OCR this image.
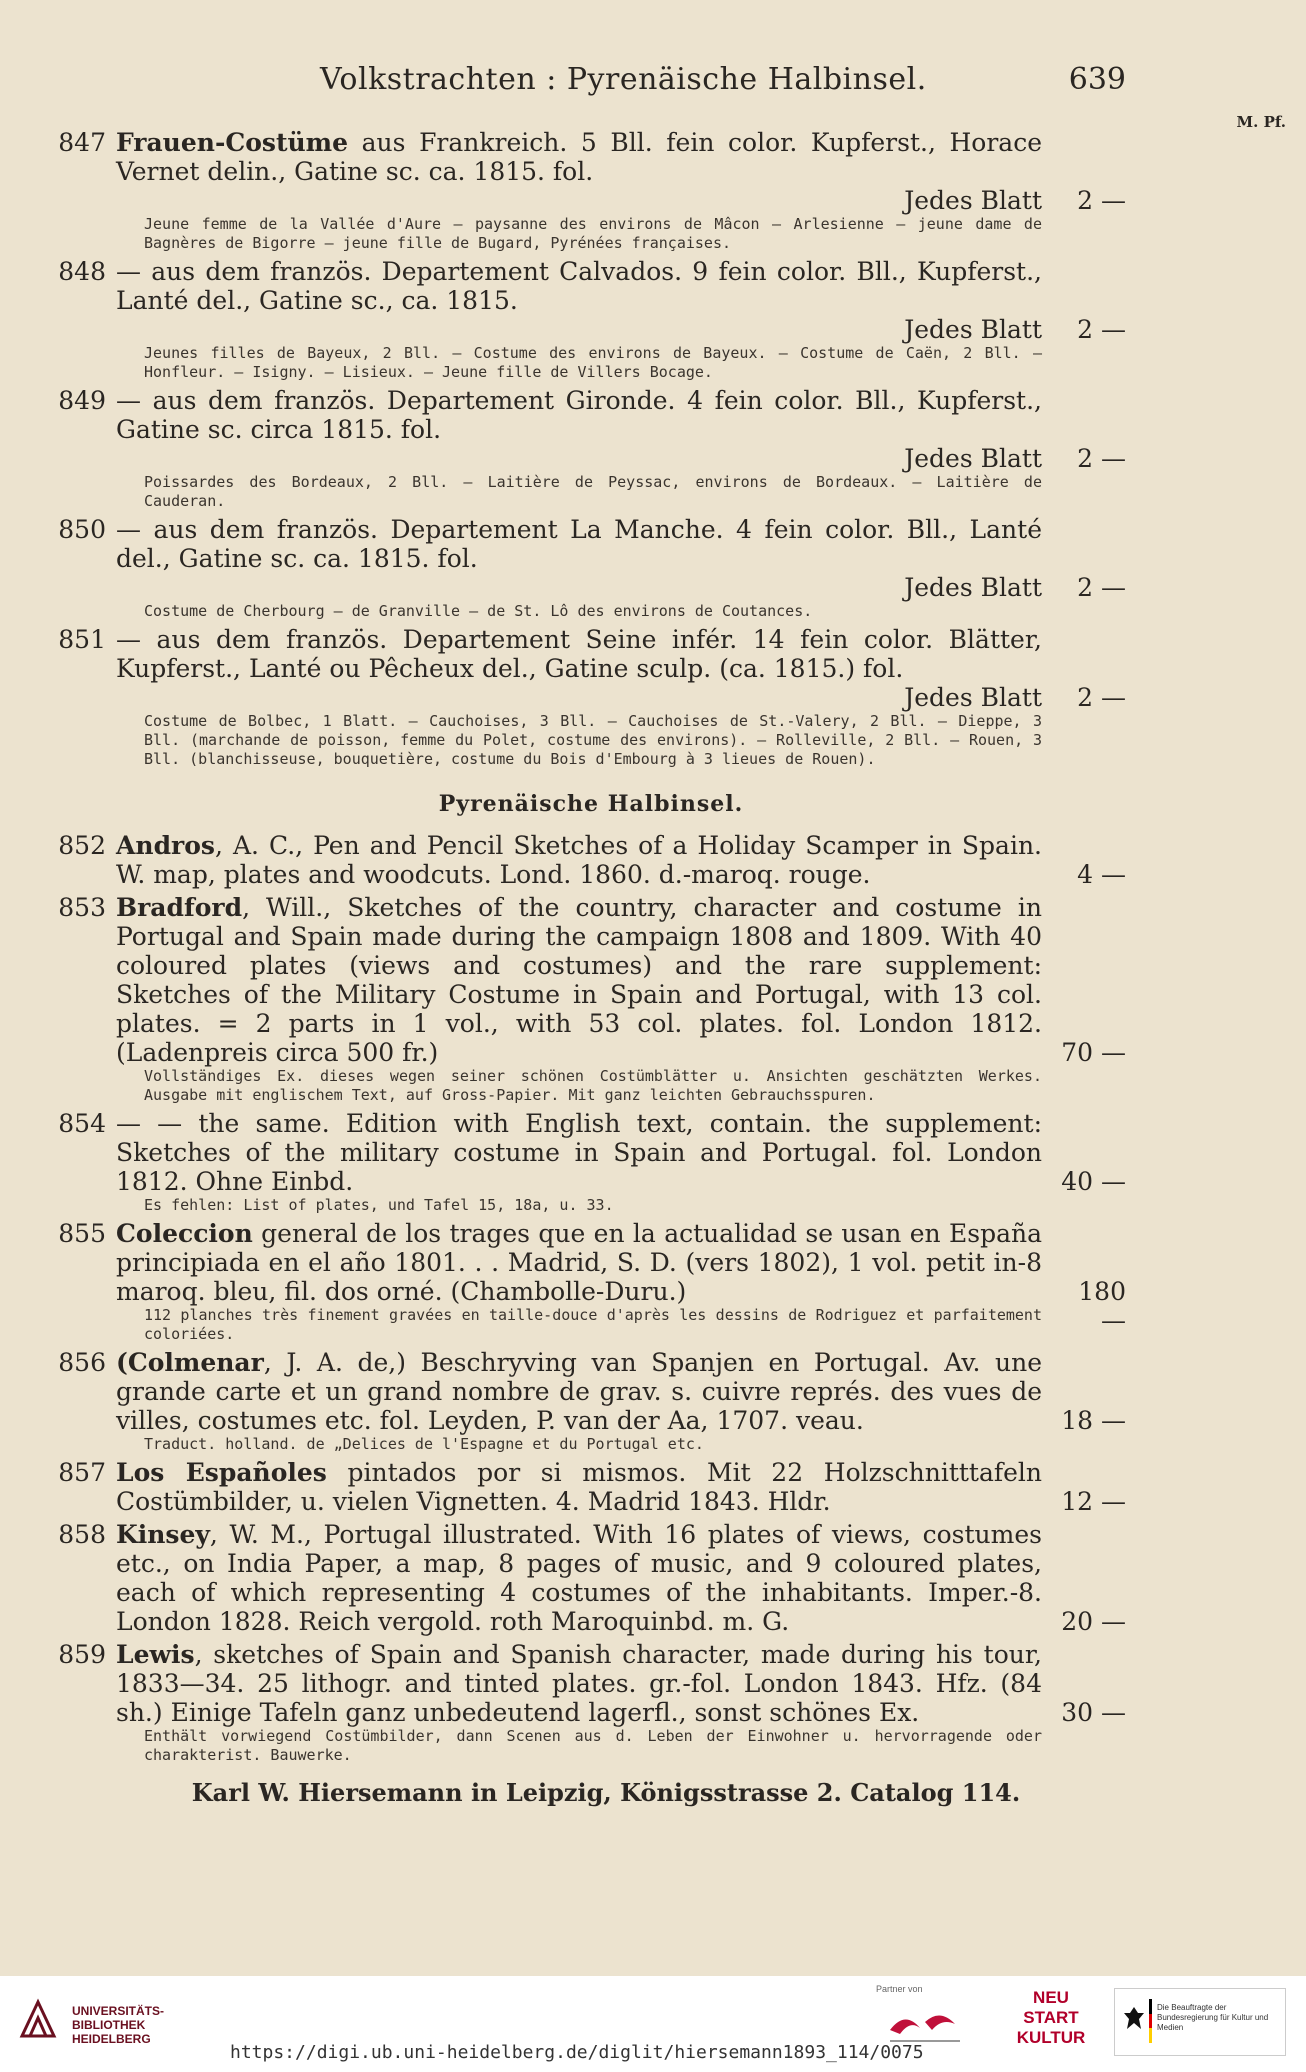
Volkstrachten : Pyrenäische Halbinsel.	639
M. Pf.
847 Frauen-Costüme aus Frankreich. 5 Bll. fein color. Kupferst., Horace Vernet delin., Gatine sc. ca. 1815. fol.
Jedes Blatt	2 —
Jeune femme de la Vallée d'Aure — paysanne des environs de Mâcon — Arlesienne — jeune dame de Bagnères de Bigorre — jeune fille de Bugard, Pyrénées françaises.
848 — aus dem französ. Departement Calvados. 9 fein color. Bll., Kupferst., Lanté del., Gatine sc., ca. 1815.
Jedes Blatt	2 —
Jeunes filles de Bayeux, 2 Bll. — Costume des environs de Bayeux. — Costume de Caën, 2 Bll. — Honfleur. — Isigny. — Lisieux. — Jeune fille de Villers Bocage.
849 — aus dem französ. Departement Gironde. 4 fein color. Bll., Kupferst., Gatine sc. circa 1815. fol.
Jedes Blatt	2 —
Poissardes des Bordeaux, 2 Bll. — Laitière de Peyssac, environs de Bordeaux. — Laitière de Cauderan.
850 — aus dem französ. Departement La Manche. 4 fein color. Bll., Lanté del., Gatine sc. ca. 1815. fol.
Jedes Blatt	2 —
Costume de Cherbourg — de Granville — de St. Lô des environs de Coutances.
851 — aus dem französ. Departement Seine infér. 14 fein color. Blätter, Kupferst., Lanté ou Pêcheux del., Gatine sculp. (ca. 1815.) fol.
Jedes Blatt	2 —
Costume de Bolbec, 1 Blatt. — Cauchoises, 3 Bll. — Cauchoises de St.-Valery, 2 Bll. — Dieppe, 3 Bll. (marchande de poisson, femme du Polet, costume des environs). — Rolleville, 2 Bll. — Rouen, 3 Bll. (blanchisseuse, bouquetière, costume du Bois d'Embourg à 3 lieues de Rouen).
Pyrenäische Halbinsel.
852 Andros, A. C., Pen and Pencil Sketches of a Holiday Scamper in Spain. W. map, plates and woodcuts. Lond. 1860. d.-maroq. rouge.	4 —
853 Bradford, Will., Sketches of the country, character and costume in Portugal and Spain made during the campaign 1808 and 1809. With 40 coloured plates (views and costumes) and the rare supplement: Sketches of the Military Costume in Spain and Portugal, with 13 col. plates. = 2 parts in 1 vol., with 53 col. plates. fol. London 1812. (Ladenpreis circa 500 fr.)	70 —
Vollständiges Ex. dieses wegen seiner schönen Costümblätter u. Ansichten geschätzten Werkes. Ausgabe mit englischem Text, auf Gross-Papier. Mit ganz leichten Gebrauchsspuren.
854 — — the same. Edition with English text, contain. the supplement: Sketches of the military costume in Spain and Portugal. fol. London 1812. Ohne Einbd.	40 —
Es fehlen: List of plates, und Tafel 15, 18a, u. 33.
855 Coleccion general de los trages que en la actualidad se usan en España principiada en el año 1801. . . Madrid, S. D. (vers 1802), 1 vol. petit in-8 maroq. bleu, fil. dos orné. (Chambolle-Duru.)	180 —
112 planches très finement gravées en taille-douce d'après les dessins de Rodriguez et parfaitement coloriées.
856 (Colmenar, J. A. de,) Beschryving van Spanjen en Portugal. Av. une grande carte et un grand nombre de grav. s. cuivre représ. des vues de villes, costumes etc. fol. Leyden, P. van der Aa, 1707. veau.	18 —
Traduct. holland. de „Delices de l'Espagne et du Portugal etc.
857 Los Españoles pintados por si mismos. Mit 22 Holzschnitttafeln Costümbilder, u. vielen Vignetten. 4. Madrid 1843. Hldr.	12 —
858 Kinsey, W. M., Portugal illustrated. With 16 plates of views, costumes etc., on India Paper, a map, 8 pages of music, and 9 coloured plates, each of which representing 4 costumes of the inhabitants. Imper.-8. London 1828. Reich vergold. roth Maroquinbd. m. G.	20 —
859 Lewis, sketches of Spain and Spanish character, made during his tour, 1833—34. 25 lithogr. and tinted plates. gr.-fol. London 1843. Hfz. (84 sh.) Einige Tafeln ganz unbedeutend lagerfl., sonst schönes Ex.	30 —
Enthält vorwiegend Costümbilder, dann Scenen aus d. Leben der Einwohner u. hervorragende oder charakterist. Bauwerke.
Karl W. Hiersemann in Leipzig, Königsstrasse 2. Catalog 114.
UNIVERSITÄTS-
BIBLIOTHEK
HEIDELBERG
Partner von	NEU
START
KULTUR
Die Beauftragte der Bundesregierung für Kultur und Medien
https://digi.ub.uni-heidelberg.de/diglit/hiersemann1893_114/0075
